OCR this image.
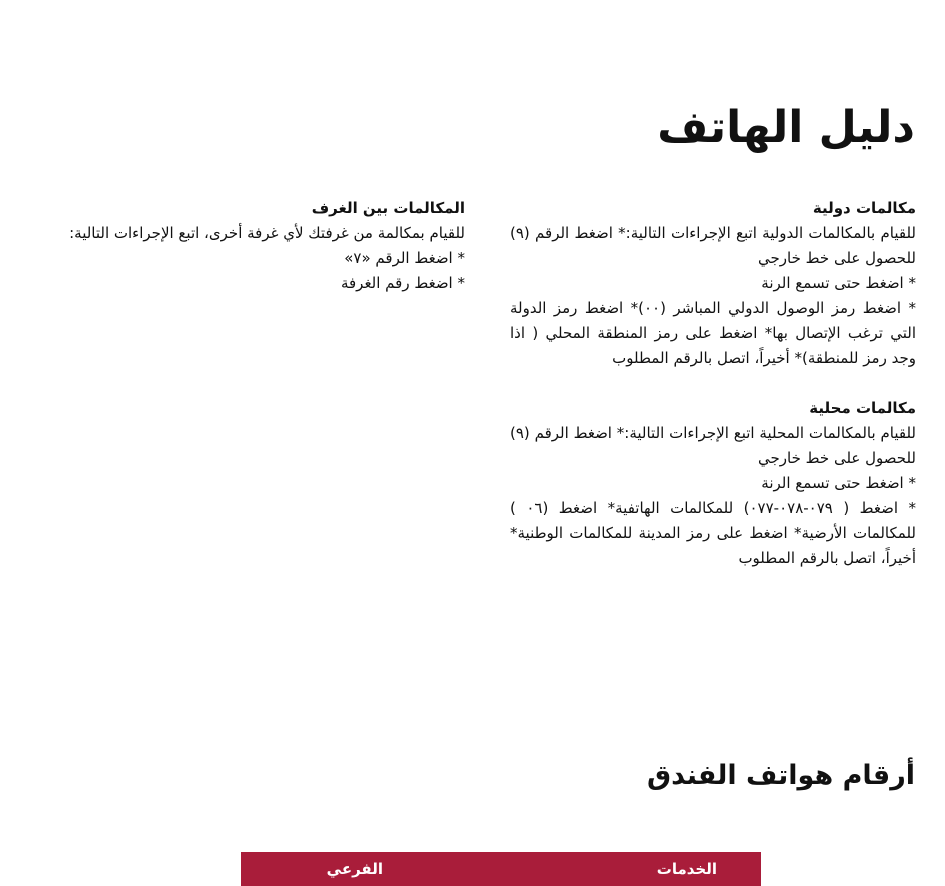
دليل الهاتف
مكالمات دولية
للقيام بالمكالمات الدولية اتبع الإجراءات التالية:* اضغط الرقم (٩) للحصول على خط خارجي
* اضغط حتى تسمع الرنة
* اضغط رمز الوصول الدولي المباشر (٠٠)* اضغط رمز الدولة التي ترغب الإتصال بها* اضغط على رمز المنطقة المحلي ( اذا وجد رمز للمنطقة)* أخيراً، اتصل بالرقم المطلوب
مكالمات محلية
للقيام بالمكالمات المحلية اتبع الإجراءات التالية:* اضغط الرقم (٩) للحصول على خط خارجي
* اضغط حتى تسمع الرنة
* اضغط ( ٠٧٩-٠٧٨-٠٧٧) للمكالمات الهاتفية* اضغط (٠٦ ) للمكالمات الأرضية* اضغط على رمز المدينة للمكالمات الوطنية* أخيراً، اتصل بالرقم المطلوب
المكالمات بين الغرف
للقيام بمكالمة من غرفتك لأي غرفة أخرى، اتبع الإجراءات التالية:
* اضغط الرقم «٧»
* اضغط رقم الغرفة
أرقام هواتف الفندق
الخدمات
الفرعي
